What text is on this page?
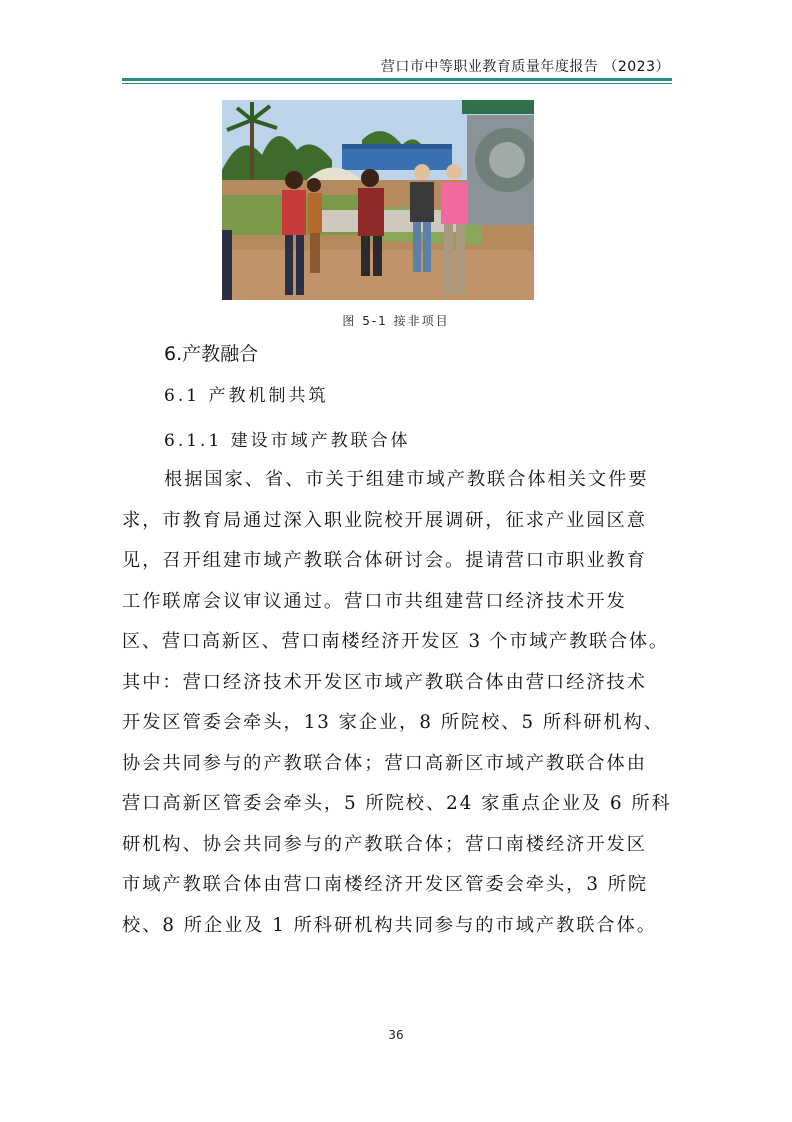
营口市中等职业教育质量年度报告 （2023）
图 5-1 接非项目
6.产教融合
6.1 产教机制共筑
6.1.1 建设市域产教联合体
根据国家、省、市关于组建市域产教联合体相关文件要
求，市教育局通过深入职业院校开展调研，征求产业园区意
见，召开组建市域产教联合体研讨会。提请营口市职业教育
工作联席会议审议通过。营口市共组建营口经济技术开发
区、营口高新区、营口南楼经济开发区 3 个市域产教联合体。
其中：营口经济技术开发区市域产教联合体由营口经济技术
开发区管委会牵头，13 家企业，8 所院校、5 所科研机构、
协会共同参与的产教联合体；营口高新区市域产教联合体由
营口高新区管委会牵头，5 所院校、24 家重点企业及 6 所科
研机构、协会共同参与的产教联合体；营口南楼经济开发区
市域产教联合体由营口南楼经济开发区管委会牵头，3 所院
校、8 所企业及 1 所科研机构共同参与的市域产教联合体。
36
